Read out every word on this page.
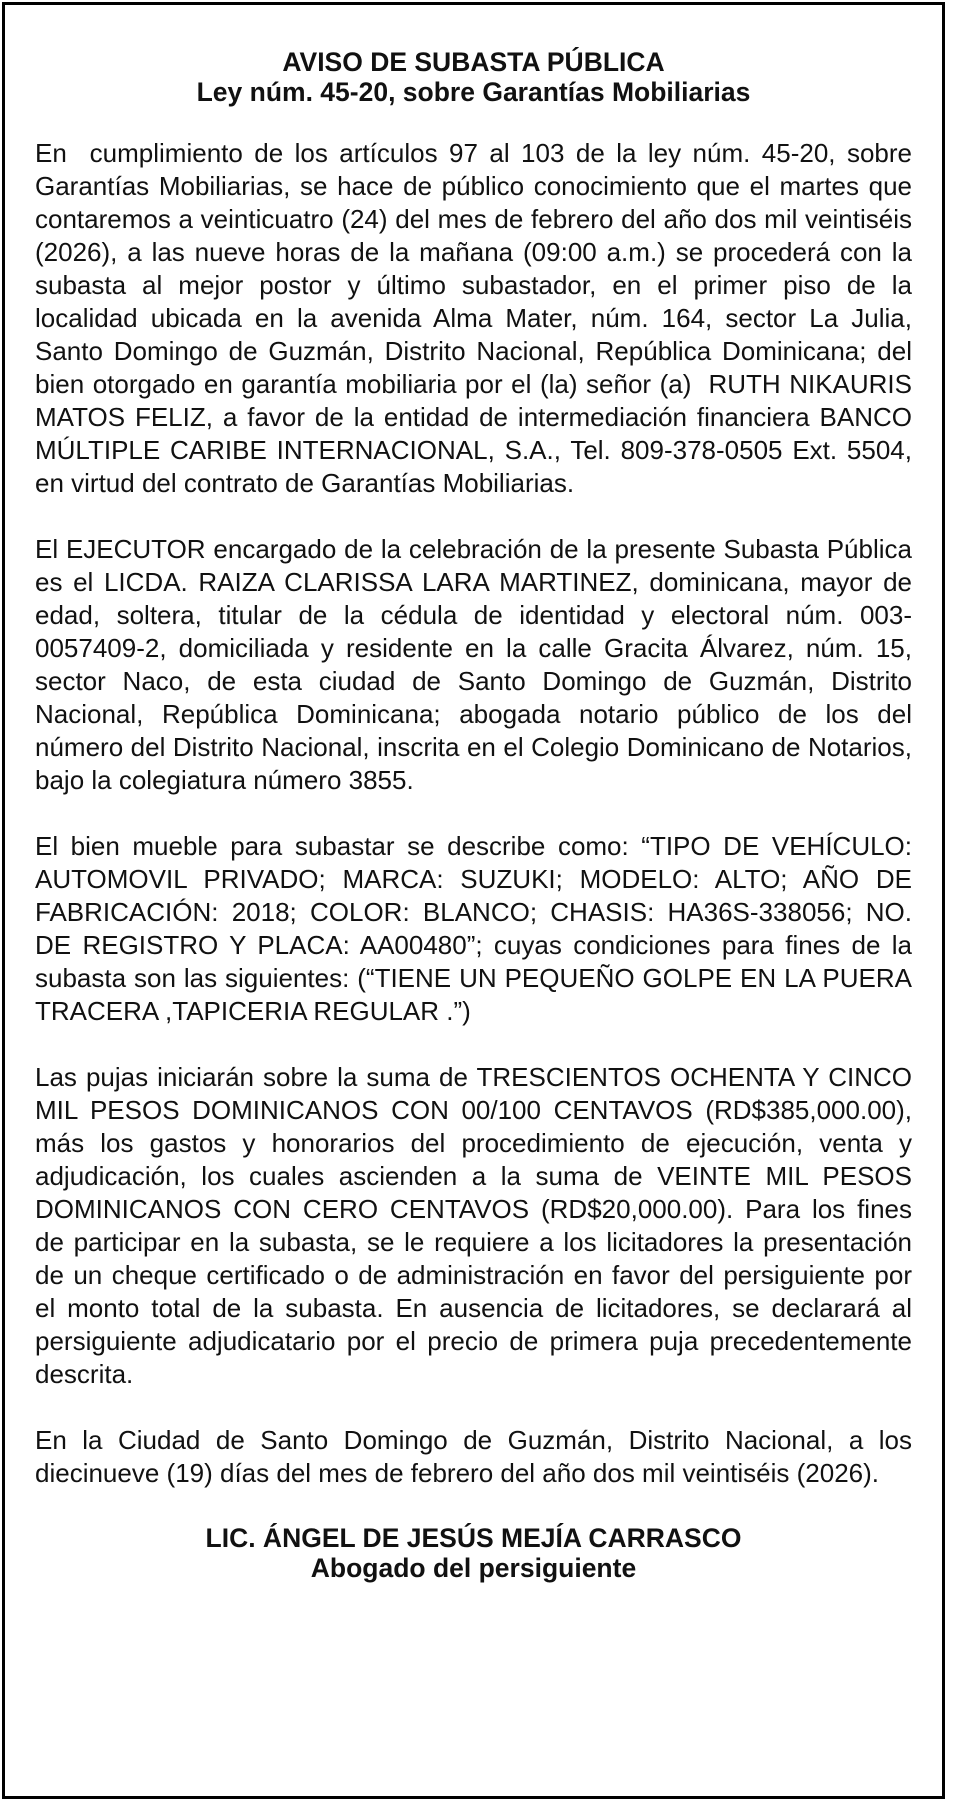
AVISO DE SUBASTA PÚBLICA
Ley núm. 45-20, sobre Garantías Mobiliarias

En  cumplimiento de los artículos 97 al 103 de la ley núm. 45-20, sobre Garantías Mobiliarias, se hace de público conocimiento que el martes que contaremos a veinticuatro (24) del mes de febrero del año dos mil veintiséis (2026), a las nueve horas de la mañana (09:00 a.m.) se procederá con la subasta al mejor postor y último subastador, en el primer piso de la localidad ubicada en la avenida Alma Mater, núm. 164, sector La Julia, Santo Domingo de Guzmán, Distrito Nacional, República Dominicana; del bien otorgado en garantía mobiliaria por el (la) señor (a)  RUTH NIKAURIS MATOS FELIZ, a favor de la entidad de intermediación financiera BANCO MÚLTIPLE CARIBE INTERNACIONAL, S.A., Tel. 809-378-0505 Ext. 5504, en virtud del contrato de Garantías Mobiliarias.

El EJECUTOR encargado de la celebración de la presente Subasta Pública es el LICDA. RAIZA CLARISSA LARA MARTINEZ, dominicana, mayor de edad, soltera, titular de la cédula de identidad y electoral núm. 003-0057409-2, domiciliada y residente en la calle Gracita Álvarez, núm. 15, sector Naco, de esta ciudad de Santo Domingo de Guzmán, Distrito Nacional, República Dominicana; abogada notario público de los del número del Distrito Nacional, inscrita en el Colegio Dominicano de Notarios, bajo la colegiatura número 3855.

El bien mueble para subastar se describe como: “TIPO DE VEHÍCULO: AUTOMOVIL PRIVADO; MARCA: SUZUKI; MODELO: ALTO; AÑO DE FABRICACIÓN: 2018; COLOR: BLANCO; CHASIS: HA36S-338056; NO. DE REGISTRO Y PLACA: AA00480”; cuyas condiciones para fines de la subasta son las siguientes: (“TIENE UN PEQUEÑO GOLPE EN LA PUERA TRACERA ,TAPICERIA REGULAR .”)

Las pujas iniciarán sobre la suma de TRESCIENTOS OCHENTA Y CINCO MIL PESOS DOMINICANOS CON 00/100 CENTAVOS (RD$385,000.00), más los gastos y honorarios del procedimiento de ejecución, venta y adjudicación, los cuales ascienden a la suma de VEINTE MIL PESOS DOMINICANOS CON CERO CENTAVOS (RD$20,000.00). Para los fines de participar en la subasta, se le requiere a los licitadores la presentación de un cheque certificado o de administración en favor del persiguiente por el monto total de la subasta. En ausencia de licitadores, se declarará al persiguiente adjudicatario por el precio de primera puja precedentemente descrita.

En la Ciudad de Santo Domingo de Guzmán, Distrito Nacional, a los diecinueve (19) días del mes de febrero del año dos mil veintiséis (2026).

LIC. ÁNGEL DE JESÚS MEJÍA CARRASCO
Abogado del persiguiente
